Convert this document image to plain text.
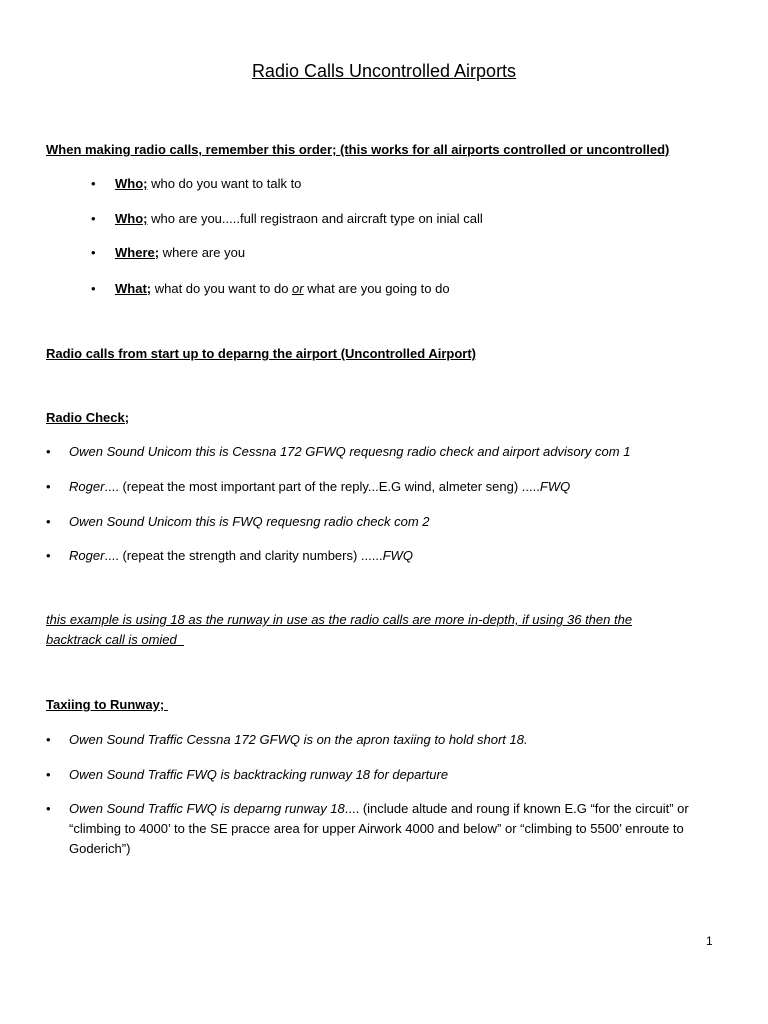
Radio Calls Uncontrolled Airports
When making radio calls, remember this order; (this works for all airports controlled or uncontrolled)
• Who; who do you want to talk to
• Who; who are you.....full registraon and aircraft type on inial call
• Where; where are you
• What; what do you want to do or what are you going to do
Radio calls from start up to deparng the airport (Uncontrolled Airport)
Radio Check;
• Owen Sound Unicom this is Cessna 172 GFWQ requesng radio check and airport advisory com 1
• Roger.... (repeat the most important part of the reply...E.G wind, almeter seng) .....FWQ
• Owen Sound Unicom this is FWQ requesng radio check com 2
• Roger.... (repeat the strength and clarity numbers) ......FWQ
this example is using 18 as the runway in use as the radio calls are more in-depth, if using 36 then the
backtrack call is omied
Taxiing to Runway;
• Owen Sound Traffic Cessna 172 GFWQ is on the apron taxiing to hold short 18.
• Owen Sound Traffic FWQ is backtracking runway 18 for departure
• Owen Sound Traffic FWQ is deparng runway 18.... (include altude and roung if known E.G “for the circuit” or “climbing to 4000’ to the SE pracce area for upper Airwork 4000 and below” or “climbing to 5500’ enroute to Goderich”)
1
